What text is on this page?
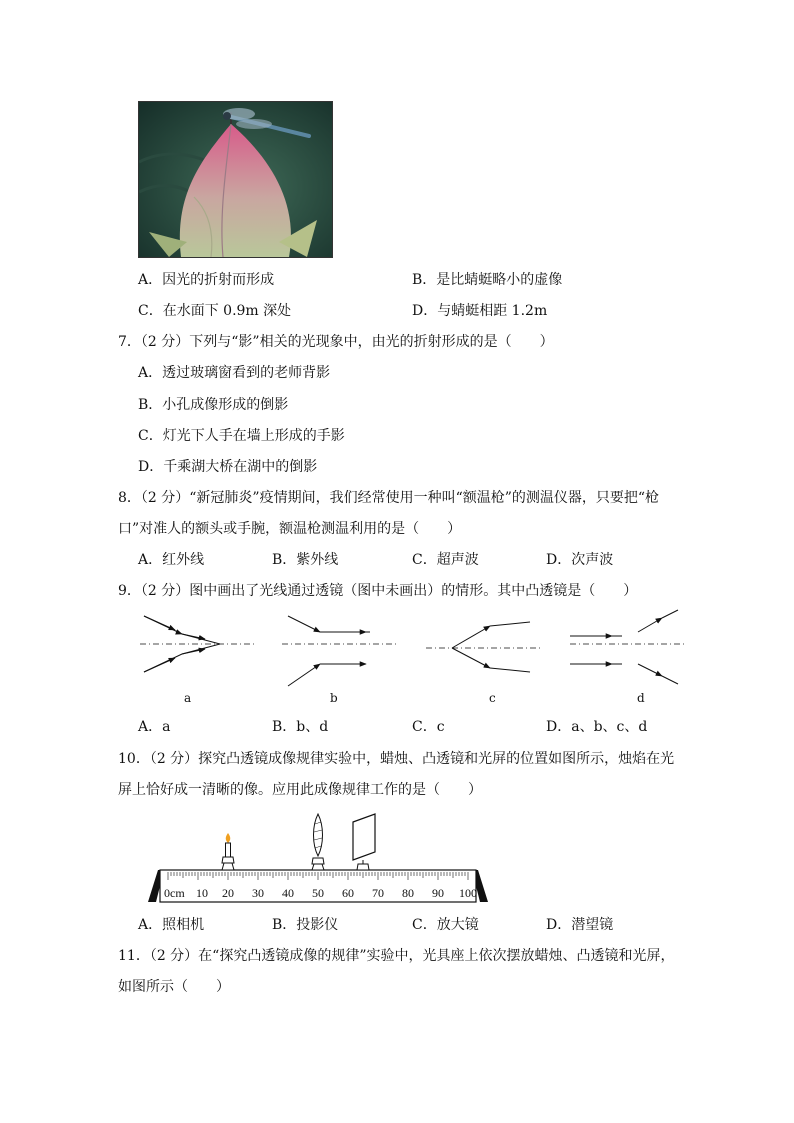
A．因光的折射而形成	B．是比蜻蜓略小的虚像
C．在水面下 0.9m 深处	D．与蜻蜓相距 1.2m
7．（2 分）下列与“影”相关的光现象中，由光的折射形成的是（　　）
A．透过玻璃窗看到的老师背影
B．小孔成像形成的倒影
C．灯光下人手在墙上形成的手影
D．千乘湖大桥在湖中的倒影
8．（2 分）“新冠肺炎”疫情期间，我们经常使用一种叫“额温枪”的测温仪器，只要把“枪
口”对准人的额头或手腕，额温枪测温利用的是（　　）
A．红外线	B．紫外线	C．超声波	D．次声波
9．（2 分）图中画出了光线通过透镜（图中未画出）的情形。其中凸透镜是（　　）
a	b	c	d
A．a	B．b、d	C．c	D．a、b、c、d
10．（2 分）探究凸透镜成像规律实验中，蜡烛、凸透镜和光屏的位置如图所示，烛焰在光
屏上恰好成一清晰的像。应用此成像规律工作的是（　　）
0cm 10 20 30 40 50 60 70 80 90 100
A．照相机	B．投影仪	C．放大镜	D．潜望镜
11．（2 分）在“探究凸透镜成像的规律”实验中，光具座上依次摆放蜡烛、凸透镜和光屏，
如图所示（　　）
